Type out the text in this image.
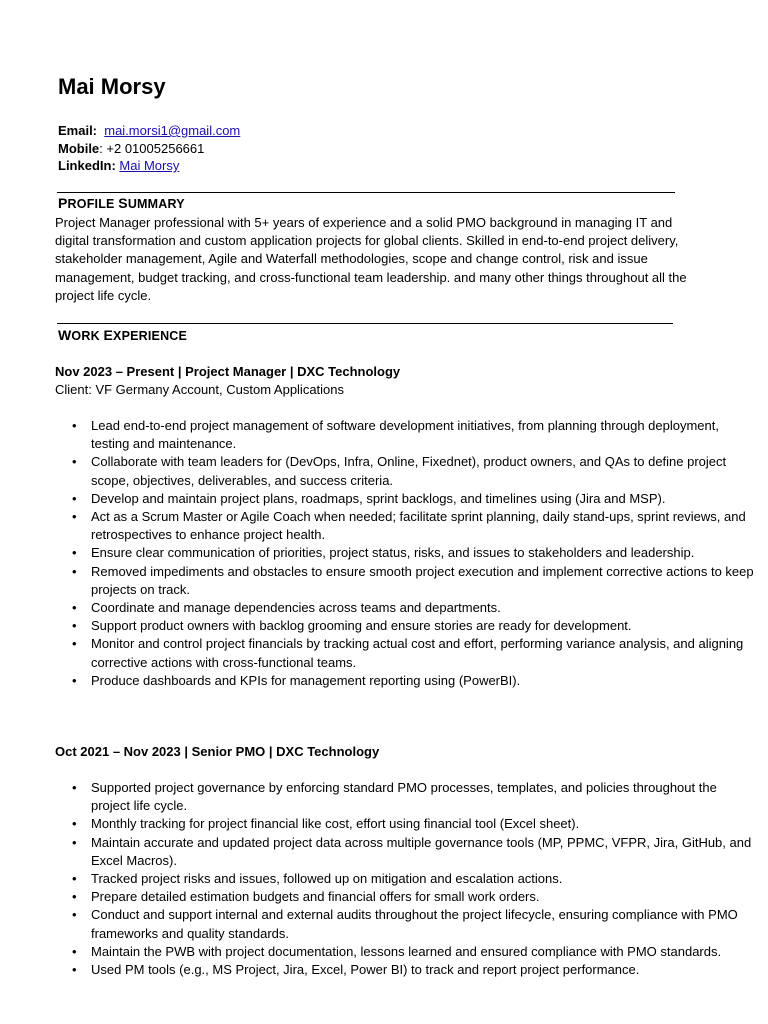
Mai Morsy
Email: mai.morsi1@gmail.com
Mobile: +2 01005256661
LinkedIn: Mai Morsy
PROFILE SUMMARY
Project Manager professional with 5+ years of experience and a solid PMO background in managing IT and digital transformation and custom application projects for global clients. Skilled in end-to-end project delivery, stakeholder management, Agile and Waterfall methodologies, scope and change control, risk and issue management, budget tracking, and cross-functional team leadership. and many other things throughout all the project life cycle.
WORK EXPERIENCE
Nov 2023 – Present | Project Manager | DXC Technology
Client: VF Germany Account, Custom Applications
• Lead end-to-end project management of software development initiatives, from planning through deployment, testing and maintenance.
• Collaborate with team leaders for (DevOps, Infra, Online, Fixednet), product owners, and QAs to define project scope, objectives, deliverables, and success criteria.
• Develop and maintain project plans, roadmaps, sprint backlogs, and timelines using (Jira and MSP).
• Act as a Scrum Master or Agile Coach when needed; facilitate sprint planning, daily stand-ups, sprint reviews, and retrospectives to enhance project health.
• Ensure clear communication of priorities, project status, risks, and issues to stakeholders and leadership.
• Removed impediments and obstacles to ensure smooth project execution and implement corrective actions to keep projects on track.
• Coordinate and manage dependencies across teams and departments.
• Support product owners with backlog grooming and ensure stories are ready for development.
• Monitor and control project financials by tracking actual cost and effort, performing variance analysis, and aligning corrective actions with cross-functional teams.
• Produce dashboards and KPIs for management reporting using (PowerBI).
Oct 2021 – Nov 2023 | Senior PMO | DXC Technology
• Supported project governance by enforcing standard PMO processes, templates, and policies throughout the project life cycle.
• Monthly tracking for project financial like cost, effort using financial tool (Excel sheet).
• Maintain accurate and updated project data across multiple governance tools (MP, PPMC, VFPR, Jira, GitHub, and Excel Macros).
• Tracked project risks and issues, followed up on mitigation and escalation actions.
• Prepare detailed estimation budgets and financial offers for small work orders.
• Conduct and support internal and external audits throughout the project lifecycle, ensuring compliance with PMO frameworks and quality standards.
• Maintain the PWB with project documentation, lessons learned and ensured compliance with PMO standards.
• Used PM tools (e.g., MS Project, Jira, Excel, Power BI) to track and report project performance.
